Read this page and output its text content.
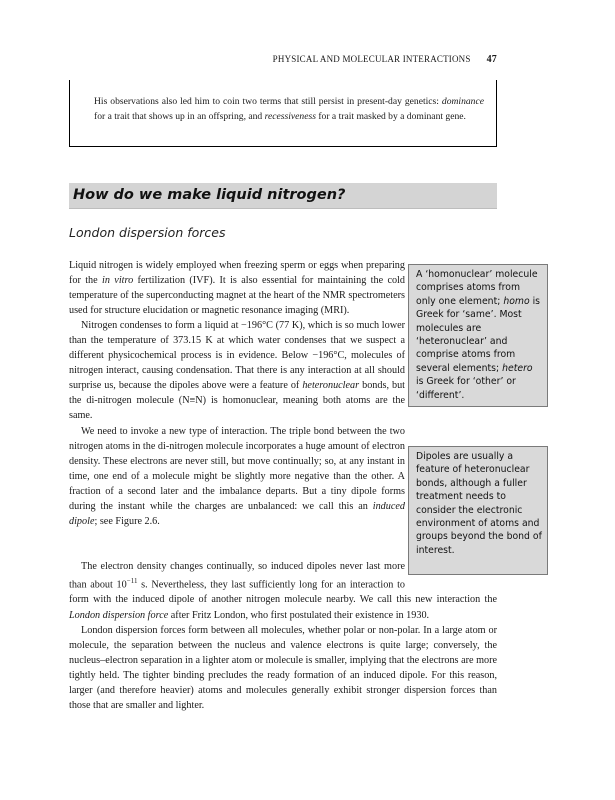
PHYSICAL AND MOLECULAR INTERACTIONS 47

His observations also led him to coin two terms that still persist in present-day genetics: dominance for a trait that shows up in an offspring, and recessiveness for a trait masked by a dominant gene.

How do we make liquid nitrogen?
London dispersion forces

Liquid nitrogen is widely employed when freezing sperm or eggs when preparing for the in vitro fertilization (IVF). It is also essential for maintaining the cold temperature of the superconducting magnet at the heart of the NMR spectrometers used for structure elucidation or magnetic resonance imaging (MRI).

Nitrogen condenses to form a liquid at −196°C (77 K), which is so much lower than the temperature of 373.15 K at which water condenses that we suspect a different physicochemical process is in evidence. Below −196°C, molecules of nitrogen interact, causing condensation. That there is any interaction at all should surprise us, because the dipoles above were a feature of heteronuclear bonds, but the di-nitrogen molecule (N≡N) is homonuclear, meaning both atoms are the same.

We need to invoke a new type of interaction. The triple bond between the two nitrogen atoms in the di-nitrogen molecule incorporates a huge amount of electron density. These electrons are never still, but move continually; so, at any instant in time, one end of a molecule might be slightly more negative than the other. A fraction of a second later and the imbalance departs. But a tiny dipole forms during the instant while the charges are unbalanced: we call this an induced dipole; see Figure 2.6.

The electron density changes continually, so induced dipoles never last more than about $10^{-11}$ s. Nevertheless, they last sufficiently long for an interaction to form with the induced dipole of another nitrogen molecule nearby. We call this new interaction the London dispersion force after Fritz London, who first postulated their existence in 1930.

London dispersion forces form between all molecules, whether polar or non-polar. In a large atom or molecule, the separation between the nucleus and valence electrons is quite large; conversely, the nucleus–electron separation in a lighter atom or molecule is smaller, implying that the electrons are more tightly held. The tighter binding precludes the ready formation of an induced dipole. For this reason, larger (and therefore heavier) atoms and molecules generally exhibit stronger dispersion forces than those that are smaller and lighter.

A ‘homonuclear’ molecule comprises atoms from only one element; homo is Greek for ‘same’. Most molecules are ‘heteronuclear’ and comprise atoms from several elements; hetero is Greek for ‘other’ or ‘different’.

Dipoles are usually a feature of heteronuclear bonds, although a fuller treatment needs to consider the electronic environment of atoms and groups beyond the bond of interest.
